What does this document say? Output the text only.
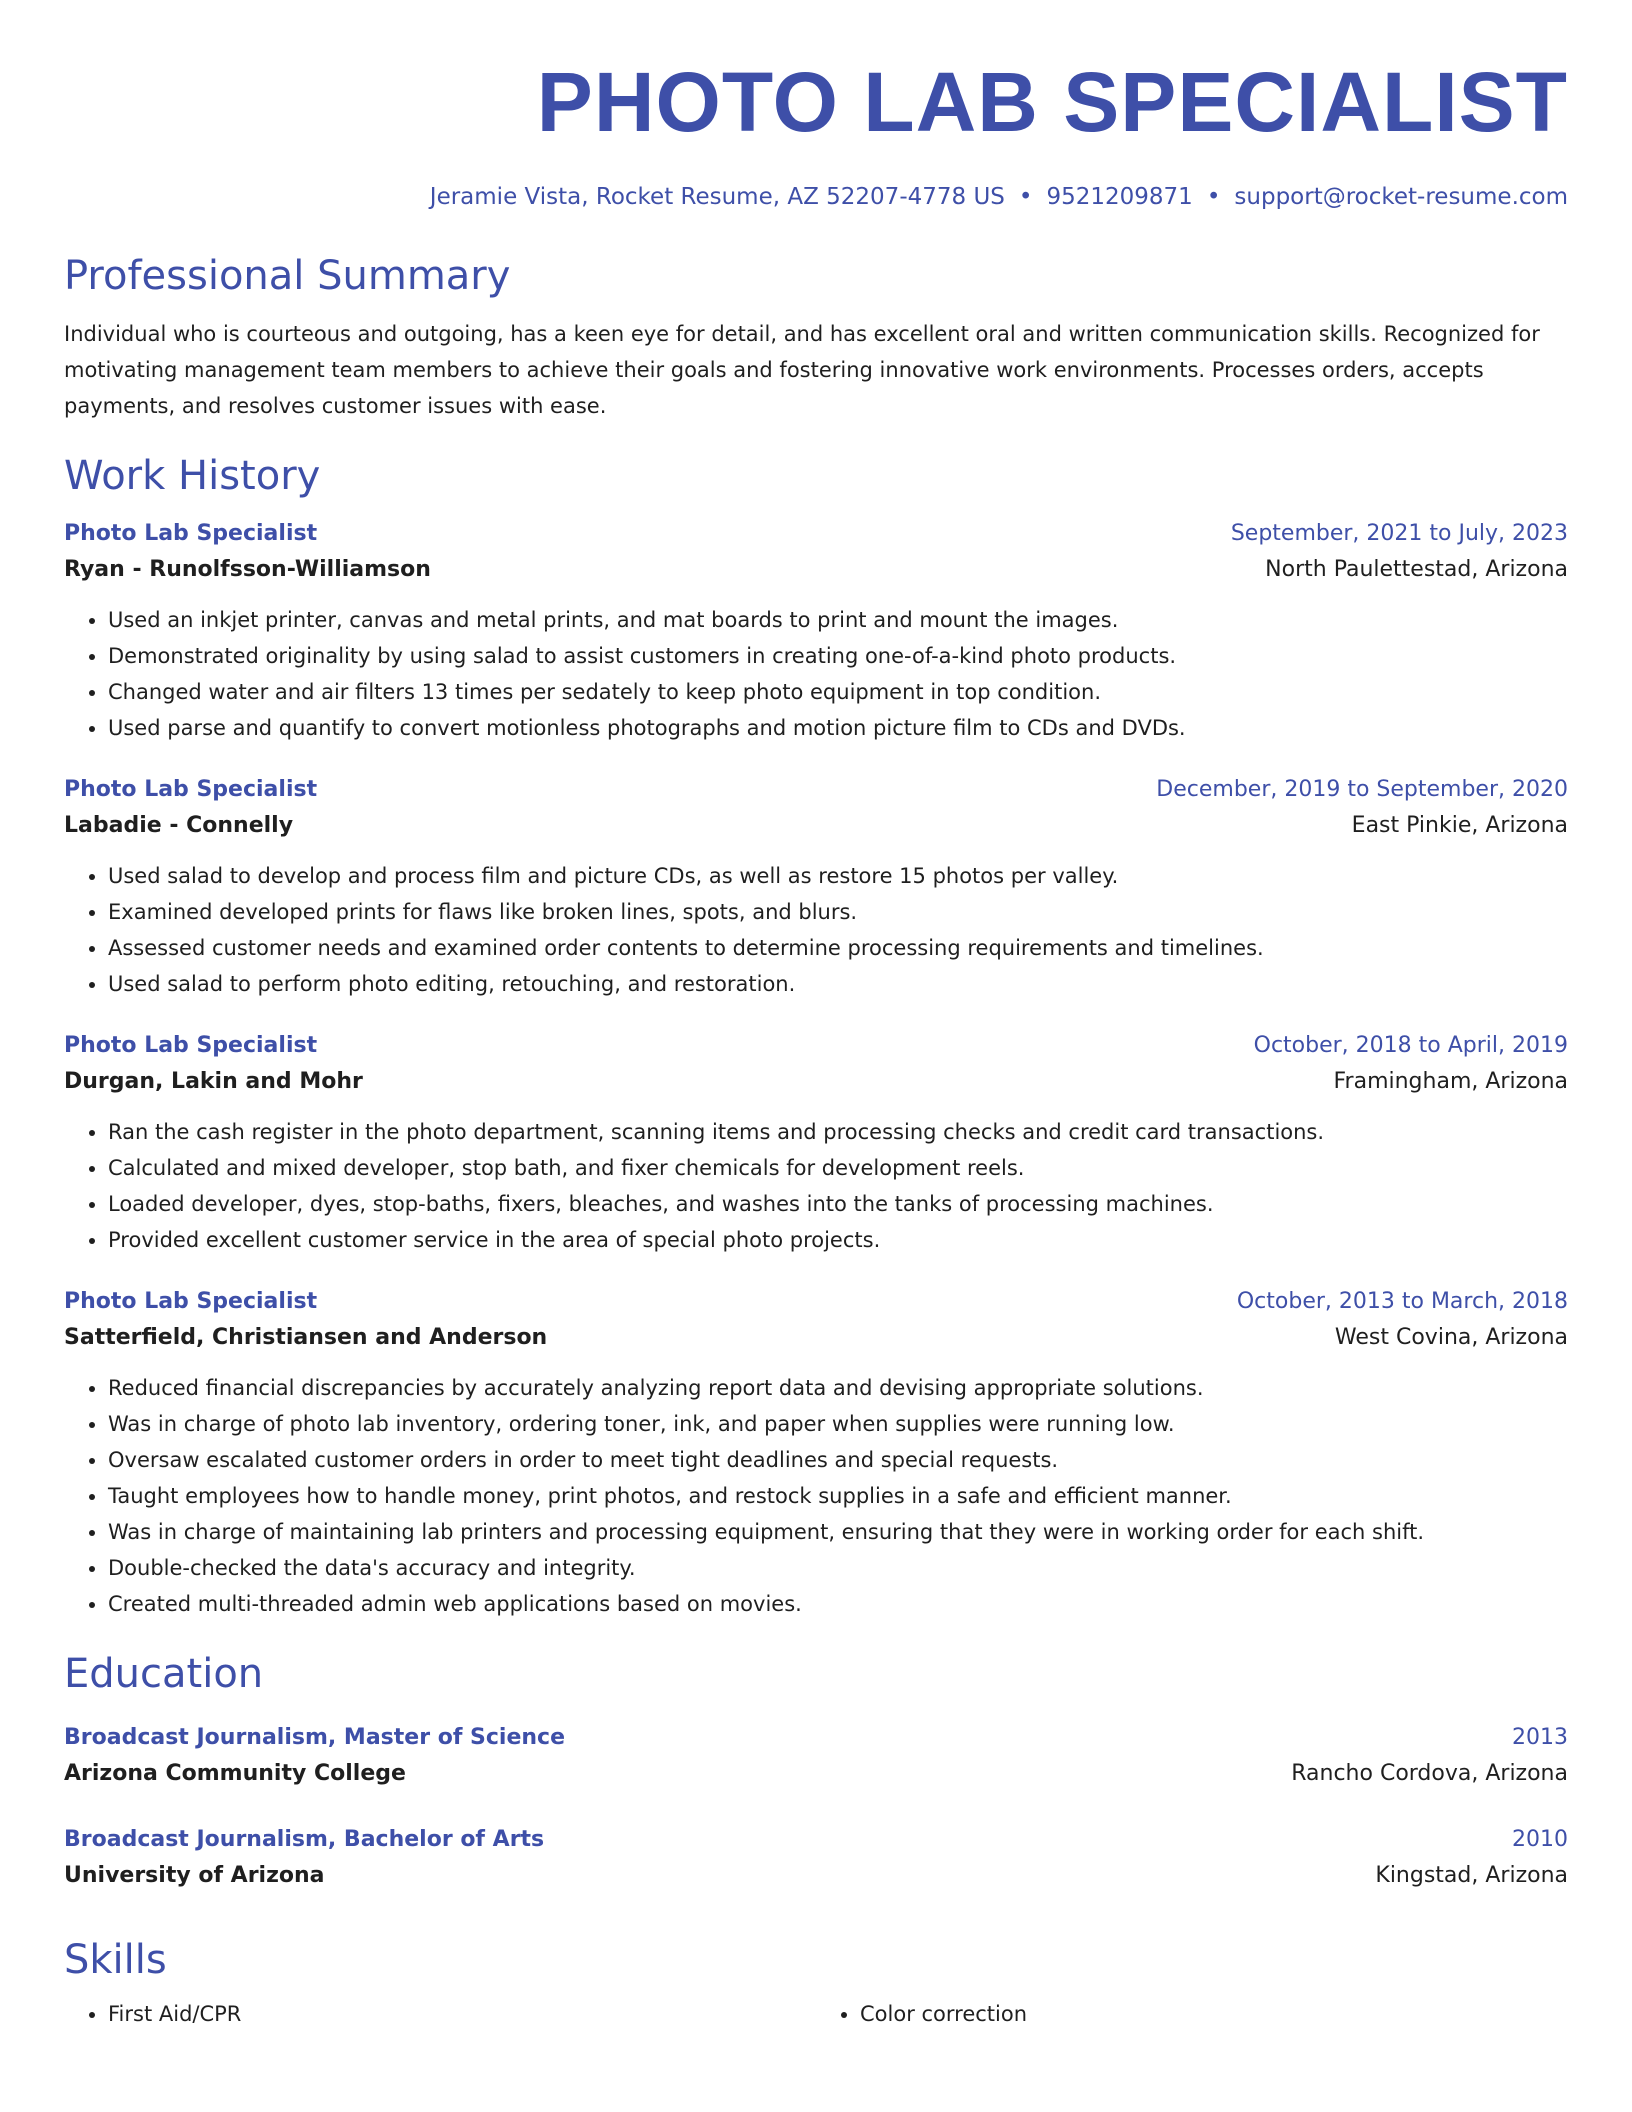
PHOTO LAB SPECIALIST
Jeramie Vista, Rocket Resume, AZ 52207-4778 US • 9521209871 • support@rocket-resume.com
Professional Summary
Individual who is courteous and outgoing, has a keen eye for detail, and has excellent oral and written communication skills. Recognized for motivating management team members to achieve their goals and fostering innovative work environments. Processes orders, accepts payments, and resolves customer issues with ease.
Work History
Photo Lab Specialist	September, 2021 to July, 2023
Ryan - Runolfsson-Williamson	North Paulettestad, Arizona
• Used an inkjet printer, canvas and metal prints, and mat boards to print and mount the images.
• Demonstrated originality by using salad to assist customers in creating one-of-a-kind photo products.
• Changed water and air filters 13 times per sedately to keep photo equipment in top condition.
• Used parse and quantify to convert motionless photographs and motion picture film to CDs and DVDs.
Photo Lab Specialist	December, 2019 to September, 2020
Labadie - Connelly	East Pinkie, Arizona
• Used salad to develop and process film and picture CDs, as well as restore 15 photos per valley.
• Examined developed prints for flaws like broken lines, spots, and blurs.
• Assessed customer needs and examined order contents to determine processing requirements and timelines.
• Used salad to perform photo editing, retouching, and restoration.
Photo Lab Specialist	October, 2018 to April, 2019
Durgan, Lakin and Mohr	Framingham, Arizona
• Ran the cash register in the photo department, scanning items and processing checks and credit card transactions.
• Calculated and mixed developer, stop bath, and fixer chemicals for development reels.
• Loaded developer, dyes, stop-baths, fixers, bleaches, and washes into the tanks of processing machines.
• Provided excellent customer service in the area of special photo projects.
Photo Lab Specialist	October, 2013 to March, 2018
Satterfield, Christiansen and Anderson	West Covina, Arizona
• Reduced financial discrepancies by accurately analyzing report data and devising appropriate solutions.
• Was in charge of photo lab inventory, ordering toner, ink, and paper when supplies were running low.
• Oversaw escalated customer orders in order to meet tight deadlines and special requests.
• Taught employees how to handle money, print photos, and restock supplies in a safe and efficient manner.
• Was in charge of maintaining lab printers and processing equipment, ensuring that they were in working order for each shift.
• Double-checked the data's accuracy and integrity.
• Created multi-threaded admin web applications based on movies.
Education
Broadcast Journalism, Master of Science	2013
Arizona Community College	Rancho Cordova, Arizona
Broadcast Journalism, Bachelor of Arts	2010
University of Arizona	Kingstad, Arizona
Skills
• First Aid/CPR
•	Color correction
